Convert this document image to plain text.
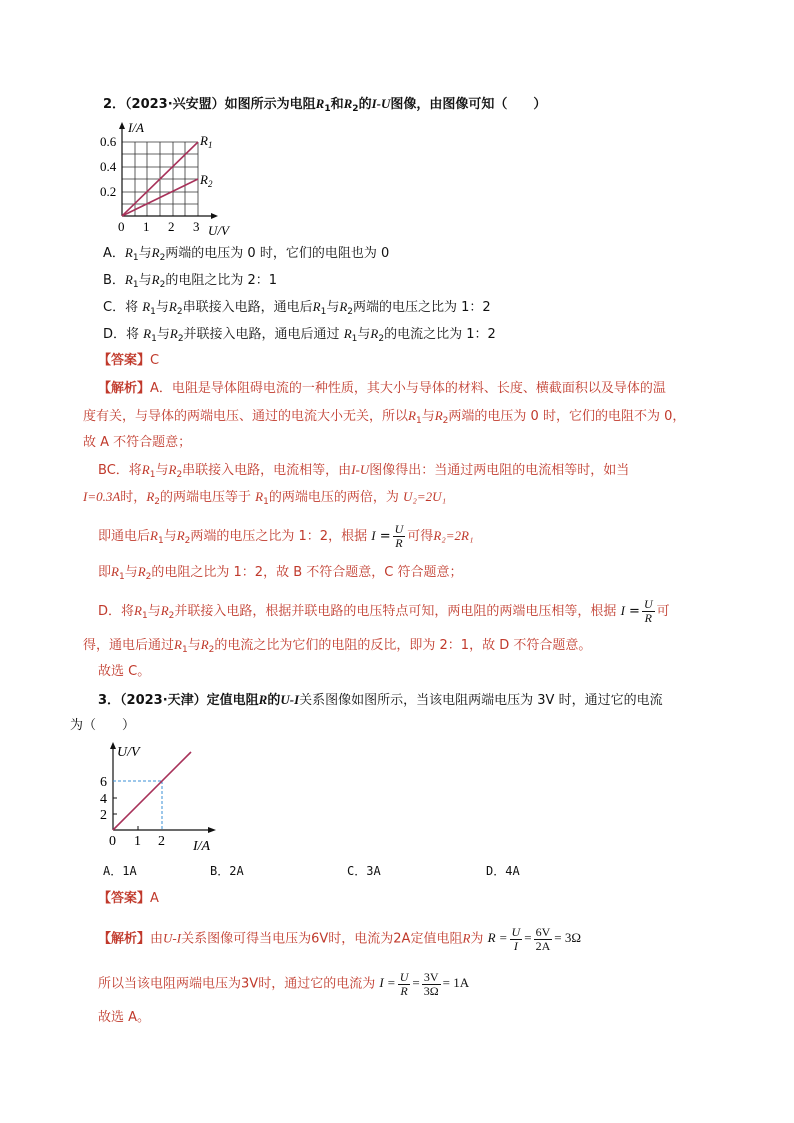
2．（2023·兴安盟）如图所示为电阻$R_1$和$R_2$的I-U图像，由图像可知（　　）
I/A
0.6
0.4
0.2
0 1 2 3 U/V
$R_1$
$R_2$
A．$R_1$与$R_2$两端的电压为 0 时，它们的电阻也为 0
B．$R_1$与$R_2$的电阻之比为 2：1
C．将 $R_1$与$R_2$串联接入电路，通电后$R_1$与$R_2$两端的电压之比为 1：2
D．将 $R_1$与$R_2$并联接入电路，通电后通过 $R_1$与$R_2$的电流之比为 1：2
【答案】C
【解析】A．电阻是导体阻碍电流的一种性质，其大小与导体的材料、长度、横截面积以及导体的温
度有关，与导体的两端电压、通过的电流大小无关，所以$R_1$与$R_2$两端的电压为 0 时，它们的电阻不为 0，
故 A 不符合题意；
BC．将$R_1$与$R_2$串联接入电路，电流相等，由I-U图像得出：当通过两电阻的电流相等时，如当
I=0.3A时，$R_2$的两端电压等于 $R_1$的两端电压的两倍，为 U₂=2U₁
即通电后$R_1$与$R_2$两端的电压之比为 1：2，根据 $I = \frac{U}{R}$ 可得R₂=2R₁
即$R_1$与$R_2$的电阻之比为 1：2，故 B 不符合题意，C 符合题意；
D．将$R_1$与$R_2$并联接入电路，根据并联电路的电压特点可知，两电阻的两端电压相等，根据 $I = \frac{U}{R}$ 可
得，通电后通过$R_1$与$R_2$的电流之比为它们的电阻的反比，即为 2：1，故 D 不符合题意。
故选 C。
3．（2023·天津）定值电阻R的U-I关系图像如图所示，当该电阻两端电压为 3V 时，通过它的电流
为（　　）
U/V
6
4
2
0 1 2 I/A
A．1A	B．2A	C．3A	D．4A
【答案】A
【解析】由U-I关系图像可得当电压为6V时，电流为2A定值电阻R为 $R = \frac{U}{I} = \frac{6V}{2A} = 3\Omega$
所以当该电阻两端电压为3V时，通过它的电流为 $I = \frac{U}{R} = \frac{3V}{3\Omega} = 1A$
故选 A。
